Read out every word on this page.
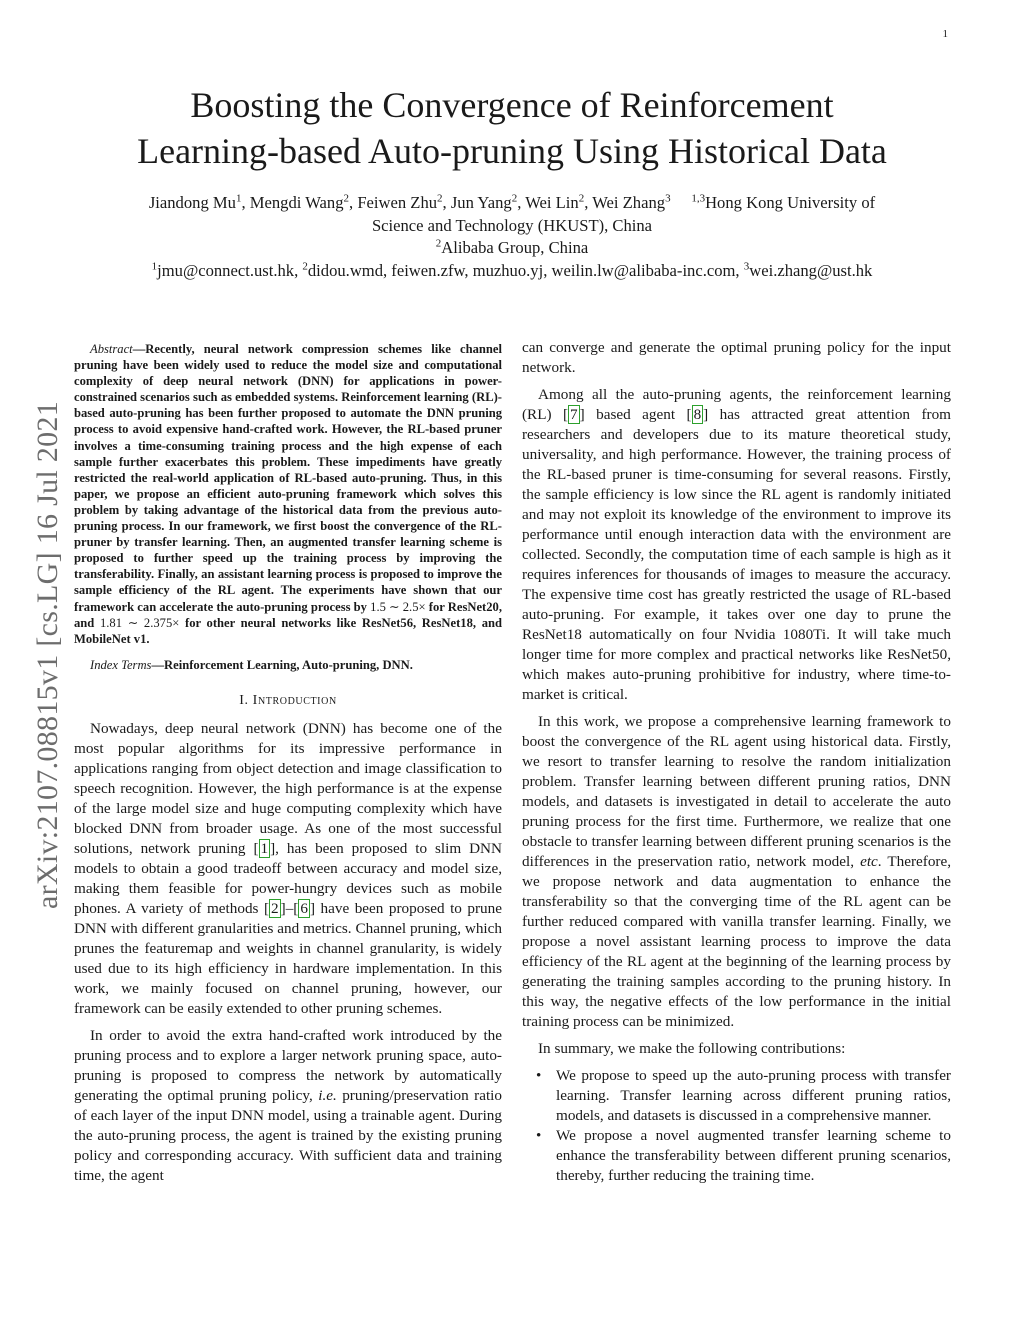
1
arXiv:2107.08815v1 [cs.LG] 16 Jul 2021
Boosting the Convergence of Reinforcement
Learning-based Auto-pruning Using Historical Data
Jiandong Mu$^1$, Mengdi Wang$^2$, Feiwen Zhu$^2$, Jun Yang$^2$, Wei Lin$^2$, Wei Zhang$^3$ $^{1,3}$Hong Kong University of
Science and Technology (HKUST), China
$^2$Alibaba Group, China
$^1$jmu@connect.ust.hk, $^2$didou.wmd, feiwen.zfw, muzhuo.yj, weilin.lw@alibaba-inc.com, $^3$wei.zhang@ust.hk

Abstract—Recently, neural network compression schemes like channel pruning have been widely used to reduce the model size and computational complexity of deep neural network (DNN) for applications in power-constrained scenarios such as embedded systems. Reinforcement learning (RL)-based auto-pruning has been further proposed to automate the DNN pruning process to avoid expensive hand-crafted work. However, the RL-based pruner involves a time-consuming training process and the high expense of each sample further exacerbates this problem. These impediments have greatly restricted the real-world application of RL-based auto-pruning. Thus, in this paper, we propose an efficient auto-pruning framework which solves this problem by taking advantage of the historical data from the previous auto-pruning process. In our framework, we first boost the convergence of the RL-pruner by transfer learning. Then, an augmented transfer learning scheme is proposed to further speed up the training process by improving the transferability. Finally, an assistant learning process is proposed to improve the sample efficiency of the RL agent. The experiments have shown that our framework can accelerate the auto-pruning process by 1.5 ∼ 2.5× for ResNet20, and 1.81 ∼ 2.375× for other neural networks like ResNet56, ResNet18, and MobileNet v1.

Index Terms—Reinforcement Learning, Auto-pruning, DNN.

I. Introduction

Nowadays, deep neural network (DNN) has become one of the most popular algorithms for its impressive performance in applications ranging from object detection and image classification to speech recognition. However, the high performance is at the expense of the large model size and huge computing complexity which have blocked DNN from broader usage. As one of the most successful solutions, network pruning [ 1 ], has been proposed to slim DNN models to obtain a good tradeoff between accuracy and model size, making them feasible for power-hungry devices such as mobile phones. A variety of methods [ 2 ]–[ 6 ] have been proposed to prune DNN with different granularities and metrics. Channel pruning, which prunes the featuremap and weights in channel granularity, is widely used due to its high efficiency in hardware implementation. In this work, we mainly focused on channel pruning, however, our framework can be easily extended to other pruning schemes.

In order to avoid the extra hand-crafted work introduced by the pruning process and to explore a larger network pruning space, auto-pruning is proposed to compress the network by automatically generating the optimal pruning policy, i.e. pruning/preservation ratio of each layer of the input DNN model, using a trainable agent. During the auto-pruning process, the agent is trained by the existing pruning policy and corresponding accuracy. With sufficient data and training time, the agent

can converge and generate the optimal pruning policy for the input network.

Among all the auto-pruning agents, the reinforcement learning (RL) [ 7 ] based agent [ 8 ] has attracted great attention from researchers and developers due to its mature theoretical study, universality, and high performance. However, the training process of the RL-based pruner is time-consuming for several reasons. Firstly, the sample efficiency is low since the RL agent is randomly initiated and may not exploit its knowledge of the environment to improve its performance until enough interaction data with the environment are collected. Secondly, the computation time of each sample is high as it requires inferences for thousands of images to measure the accuracy. The expensive time cost has greatly restricted the usage of RL-based auto-pruning. For example, it takes over one day to prune the ResNet18 automatically on four Nvidia 1080Ti. It will take much longer time for more complex and practical networks like ResNet50, which makes auto-pruning prohibitive for industry, where time-to-market is critical.

In this work, we propose a comprehensive learning framework to boost the convergence of the RL agent using historical data. Firstly, we resort to transfer learning to resolve the random initialization problem. Transfer learning between different pruning ratios, DNN models, and datasets is investigated in detail to accelerate the auto pruning process for the first time. Furthermore, we realize that one obstacle to transfer learning between different pruning scenarios is the differences in the preservation ratio, network model, etc. Therefore, we propose network and data augmentation to enhance the transferability so that the converging time of the RL agent can be further reduced compared with vanilla transfer learning. Finally, we propose a novel assistant learning process to improve the data efficiency of the RL agent at the beginning of the learning process by generating the training samples according to the pruning history. In this way, the negative effects of the low performance in the initial training process can be minimized.

In summary, we make the following contributions:

• We propose to speed up the auto-pruning process with transfer learning. Transfer learning across different pruning ratios, models, and datasets is discussed in a comprehensive manner.
• We propose a novel augmented transfer learning scheme to enhance the transferability between different pruning scenarios, thereby, further reducing the training time.
